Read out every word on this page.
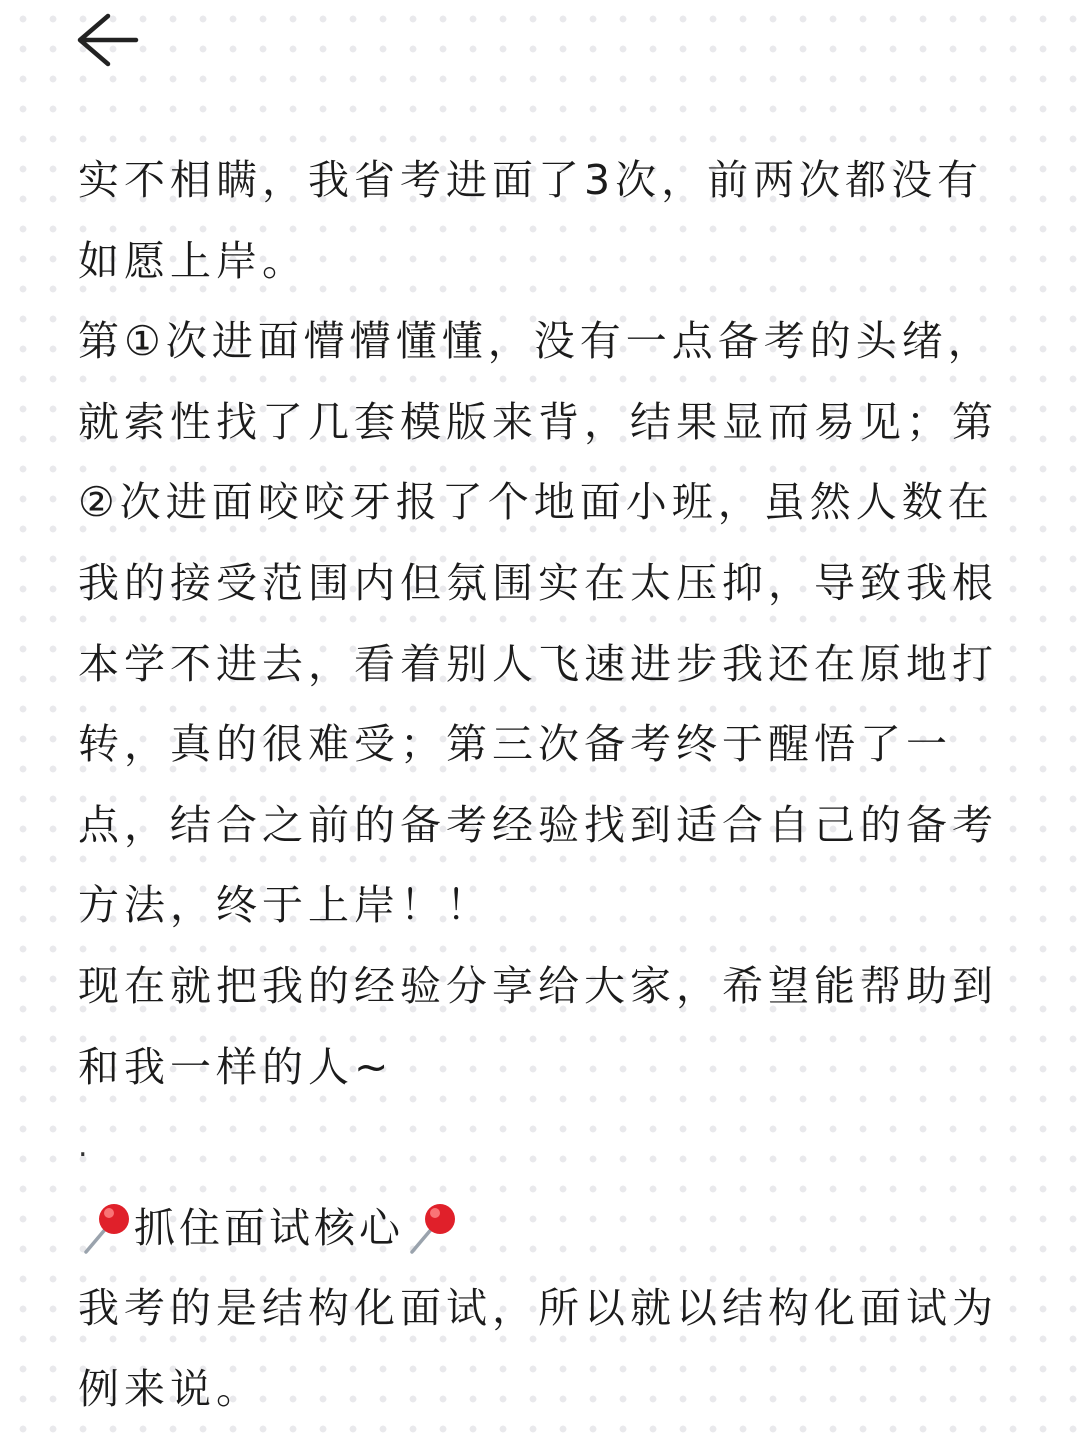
实不相瞒，我省考进面了3次，前两次都没有如愿上岸。

第①次进面懵懵懂懂，没有一点备考的头绪，就索性找了几套模版来背，结果显而易见；第②次进面咬咬牙报了个地面小班，虽然人数在我的接受范围内但氛围实在太压抑，导致我根本学不进去，看着别人飞速进步我还在原地打转，真的很难受；第三次备考终于醒悟了一点，结合之前的备考经验找到适合自己的备考方法，终于上岸！！

现在就把我的经验分享给大家，希望能帮助到和我一样的人~

.

抓住面试核心

我考的是结构化面试，所以就以结构化面试为例来说。
